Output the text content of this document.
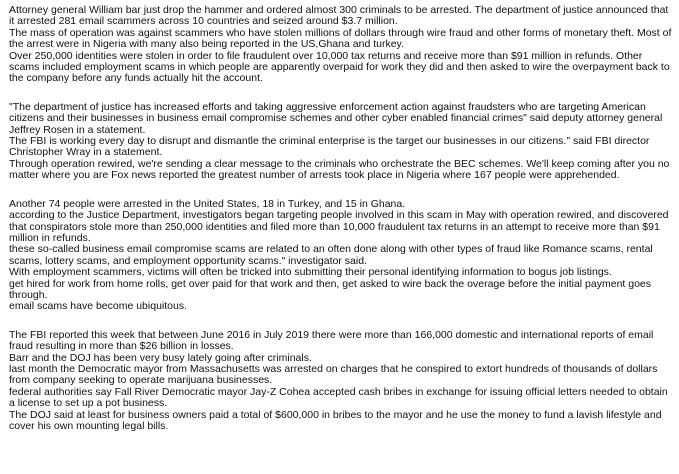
Attorney general William bar just drop the hammer and ordered almost 300 criminals to be arrested. The department of justice announced that it arrested 281 email scammers across 10 countries and seized around $3.7 million.

The mass of operation was against scammers who have stolen millions of dollars through wire fraud and other forms of monetary theft. Most of the arrest were in Nigeria with many also being reported in the US,Ghana and turkey.

Over 250,000 identities were stolen in order to file fraudulent over 10,000 tax returns and receive more than $91 million in refunds. Other scams included employment scams in which people are apparently overpaid for work they did and then asked to wire the overpayment back to the company before any funds actually hit the account.

"The department of justice has increased efforts and taking aggressive enforcement action against fraudsters who are targeting American citizens and their businesses in business email compromise schemes and other cyber enabled financial crimes" said deputy attorney general Jeffrey Rosen in a statement.

The FBI is working every day to disrupt and dismantle the criminal enterprise is the target our businesses in our citizens." said FBI director Christopher Wray in a statement.

Through operation rewired, we're sending a clear message to the criminals who orchestrate the BEC schemes. We'll keep coming after you no matter where you are Fox news reported the greatest number of arrests took place in Nigeria where 167 people were apprehended.

Another 74 people were arrested in the United States, 18 in Turkey, and 15 in Ghana.

according to the Justice Department, investigators began targeting people involved in this scam in May with operation rewired, and discovered that conspirators stole more than 250,000 identities and filed more than 10,000 fraudulent tax returns in an attempt to receive more than $91 million in refunds.

these so-called business email compromise scams are related to an often done along with other types of fraud like Romance scams, rental scams, lottery scams, and employment opportunity scams." investigator said.

With employment scammers, victims will often be tricked into submitting their personal identifying information to bogus job listings.

get hired for work from home rolls, get over paid for that work and then, get asked to wire back the overage before the initial payment goes through.

email scams have become ubiquitous.

The FBI reported this week that between June 2016 in July 2019 there were more than 166,000 domestic and international reports of email fraud resulting in more than $26 billion in losses.

Barr and the DOJ has been very busy lately going after criminals.

last month the Democratic mayor from Massachusetts was arrested on charges that he conspired to extort hundreds of thousands of dollars from company seeking to operate marijuana businesses.

federal authorities say Fall River Democratic mayor Jay-Z Cohea accepted cash bribes in exchange for issuing official letters needed to obtain a license to set up a pot business.

The DOJ said at least for business owners paid a total of $600,000 in bribes to the mayor and he use the money to fund a lavish lifestyle and cover his own mounting legal bills.
